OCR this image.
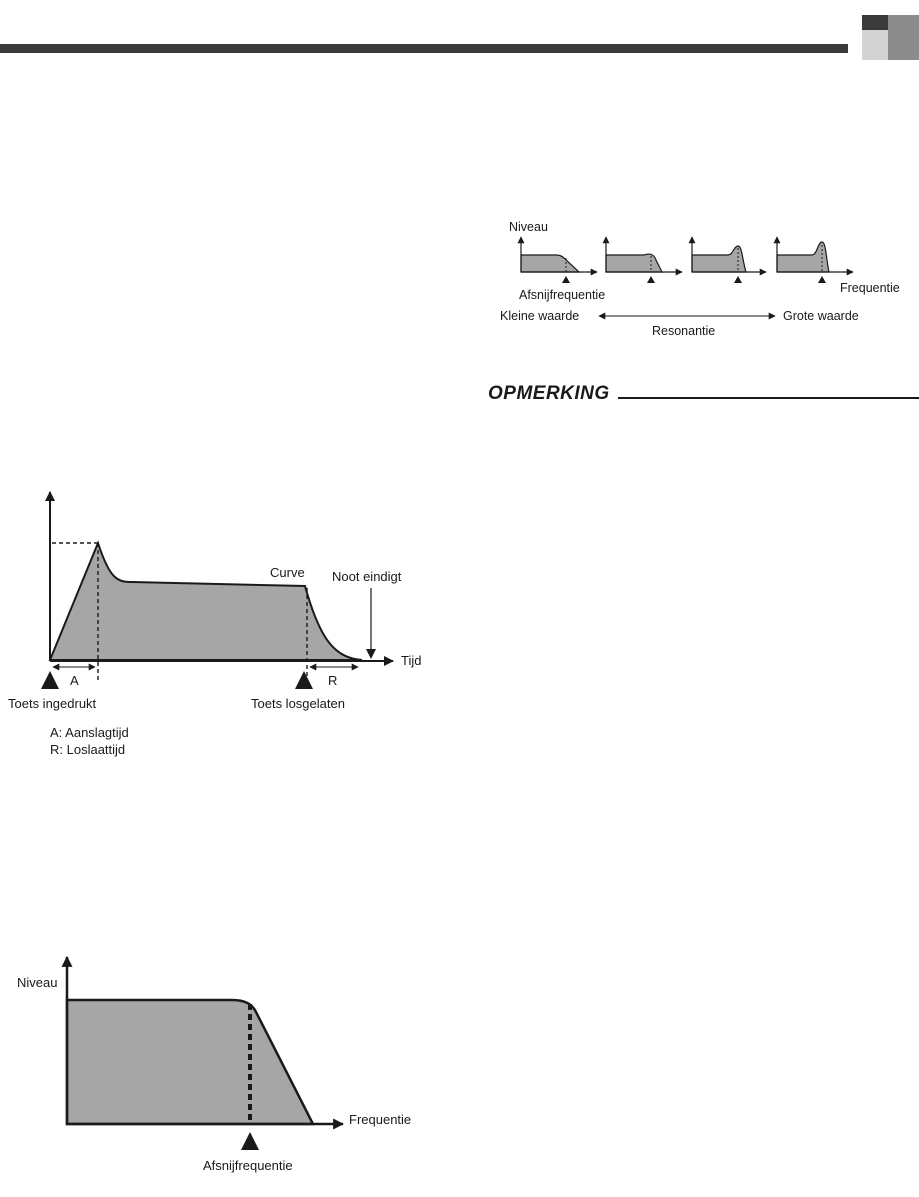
Curve Noot eindigt
Tijd
A	R
Toets ingedrukt	Toets losgelaten
A: Aanslagtijd
R: Loslaattijd
Niveau
Frequentie
Afsnijfrequentie
Niveau
Frequentie
Afsnijfrequentie
Kleine waarde	Grote waarde
Resonantie
OPMERKING
